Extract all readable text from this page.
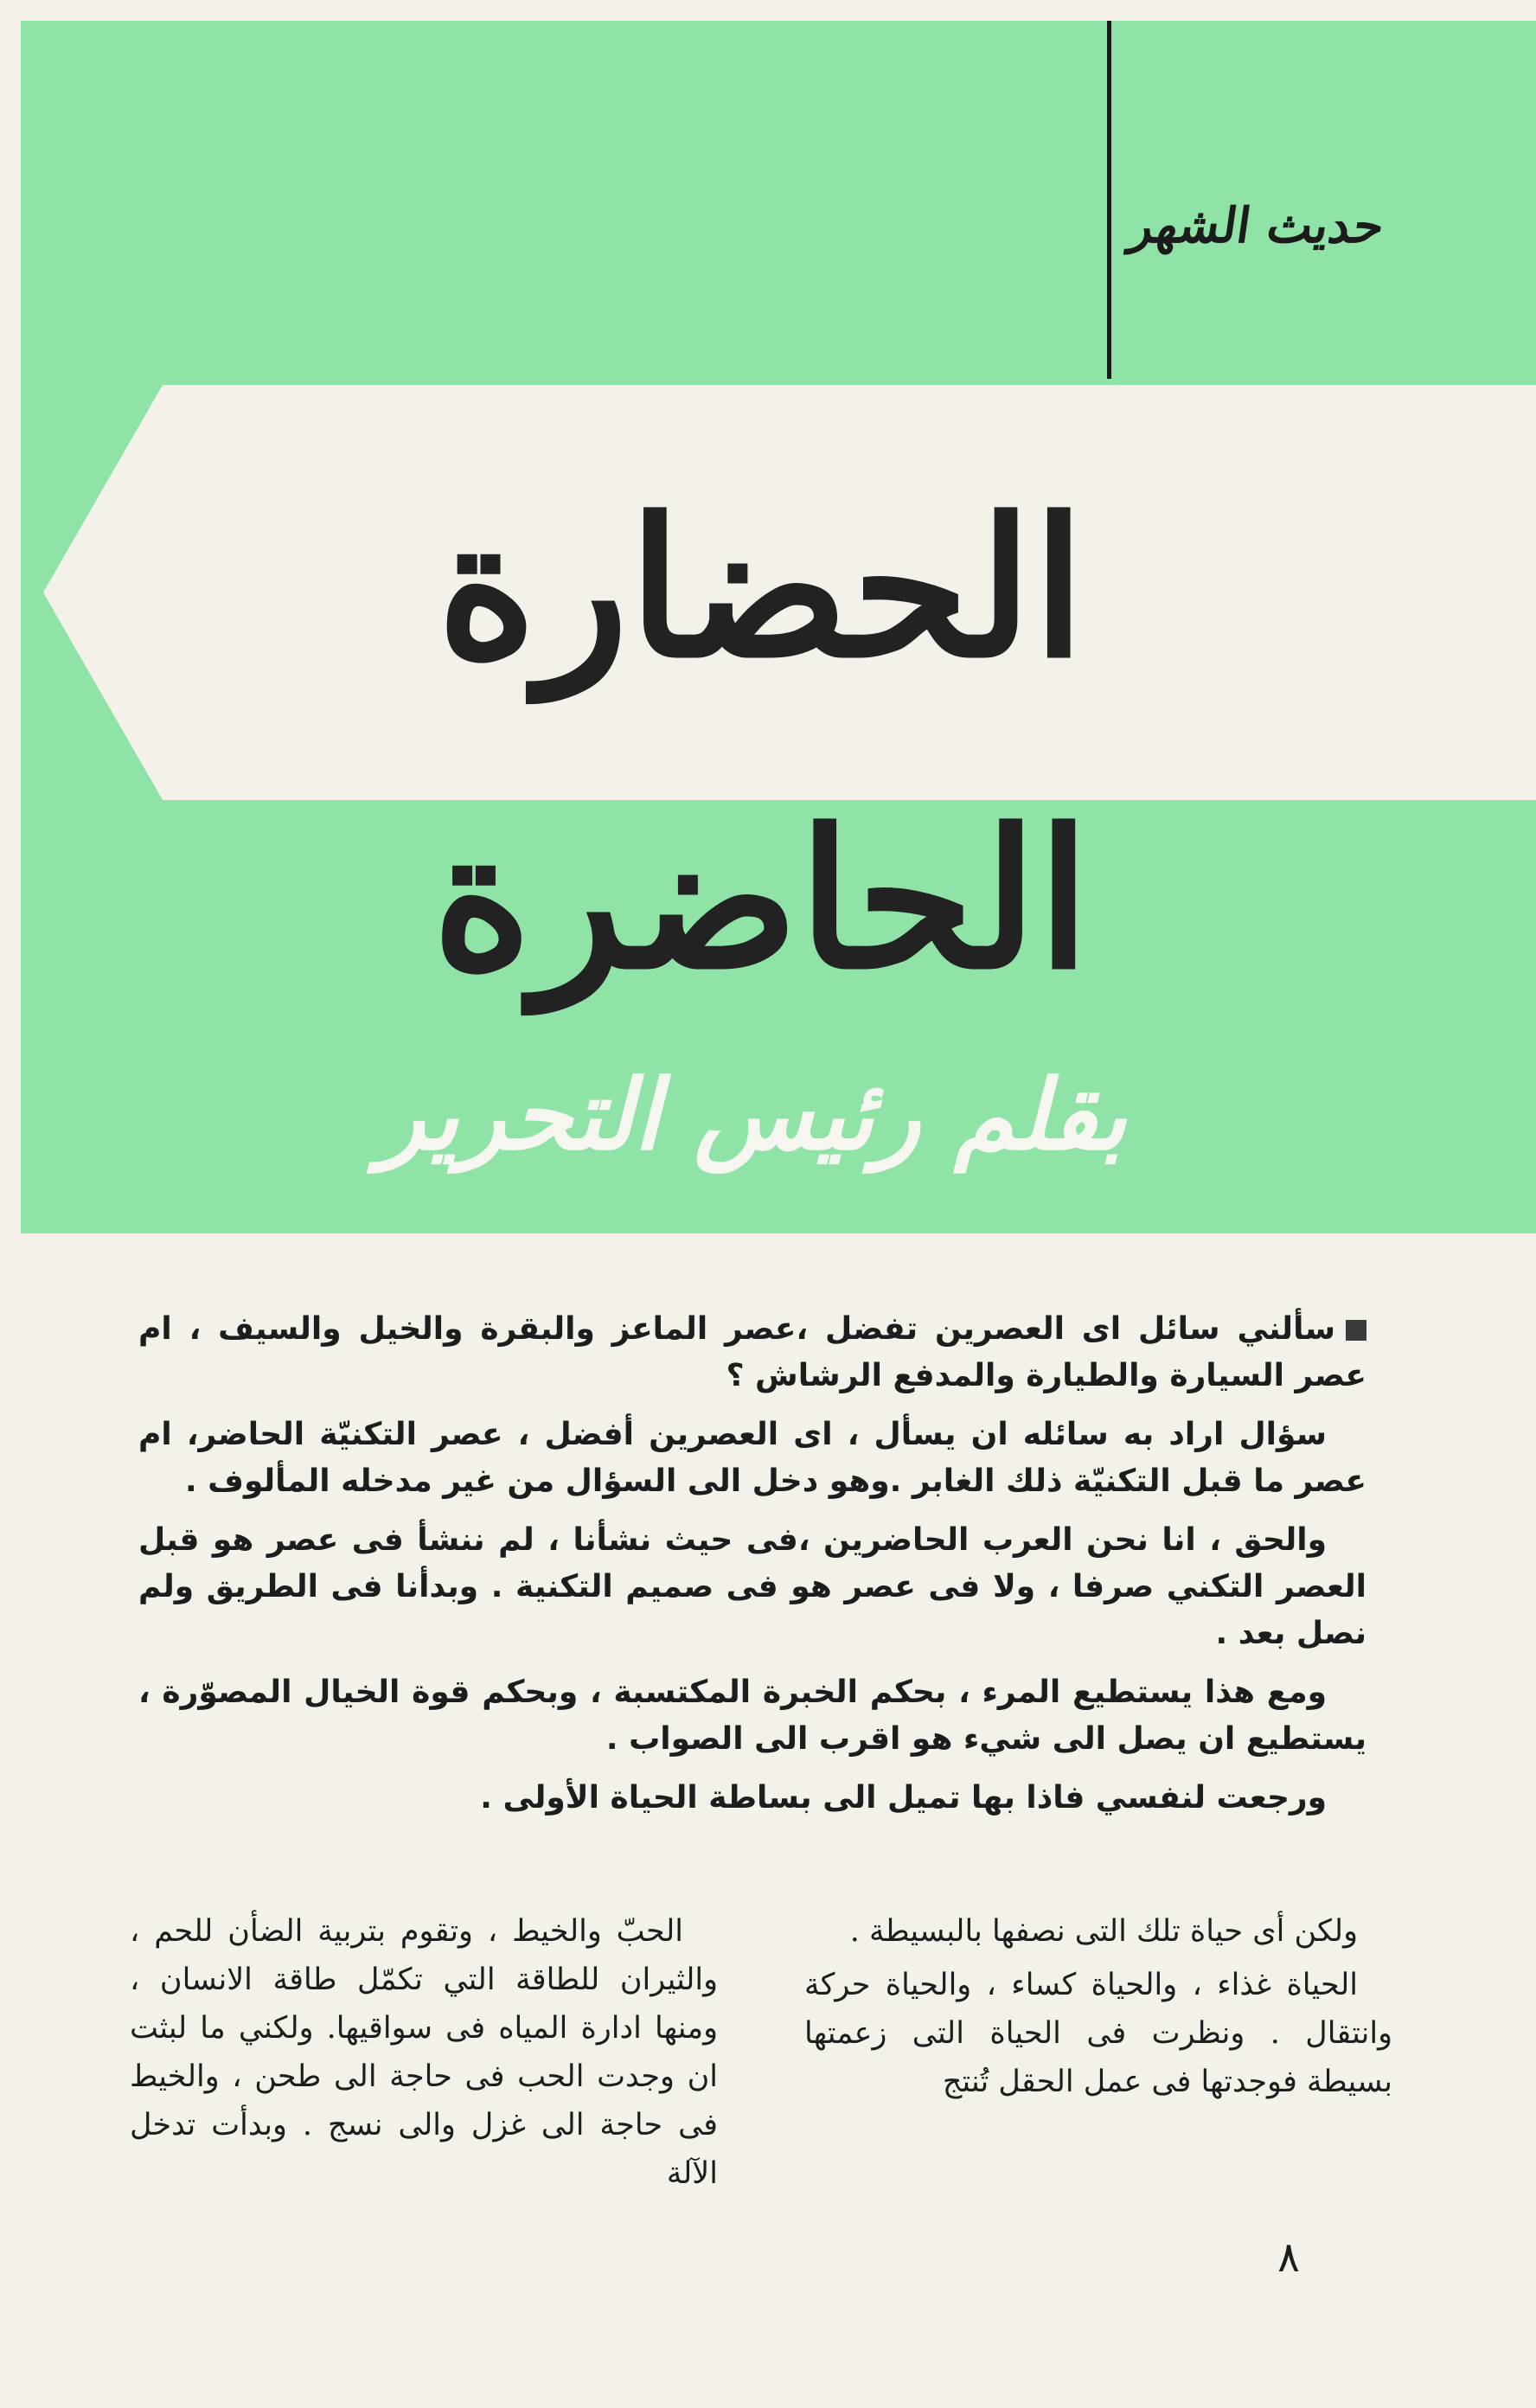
حديث الشهر
الحضارة الحاضرة
بقلم رئيس التحرير

سألني سائل اى العصرين تفضل ،عصر الماعز والبقرة والخيل والسيف ، ام عصر السيارة والطيارة والمدفع الرشاش ؟

سؤال اراد به سائله ان يسأل ، اى العصرين أفضل ، عصر التكنيّة الحاضر، ام عصر ما قبل التكنيّة ذلك الغابر .وهو دخل الى السؤال من غير مدخله المألوف .

والحق ، انا نحن العرب الحاضرين ،فى حيث نشأنا ، لم ننشأ فى عصر هو قبل العصر التكني صرفا ، ولا فى عصر هو فى صميم التكنية . وبدأنا فى الطريق ولم نصل بعد .

ومع هذا يستطيع المرء ، بحكم الخبرة المكتسبة ، وبحكم قوة الخيال المصوّرة ، يستطيع ان يصل الى شيء هو اقرب الى الصواب .

ورجعت لنفسي فاذا بها تميل الى بساطة الحياة الأولى .

ولكن أى حياة تلك التى نصفها بالبسيطة .

الحياة غذاء ، والحياة كساء ، والحياة حركة وانتقال . ونظرت فى الحياة التى زعمتها بسيطة فوجدتها فى عمل الحقل تُنتج

الحبّ والخيط ، وتقوم بتربية الضأن للحم ، والثيران للطاقة التي تكمّل طاقة الانسان ، ومنها ادارة المياه فى سواقيها. ولكني ما لبثت ان وجدت الحب فى حاجة الى طحن ، والخيط فى حاجة الى غزل والى نسج . وبدأت تدخل الآلة

٨
